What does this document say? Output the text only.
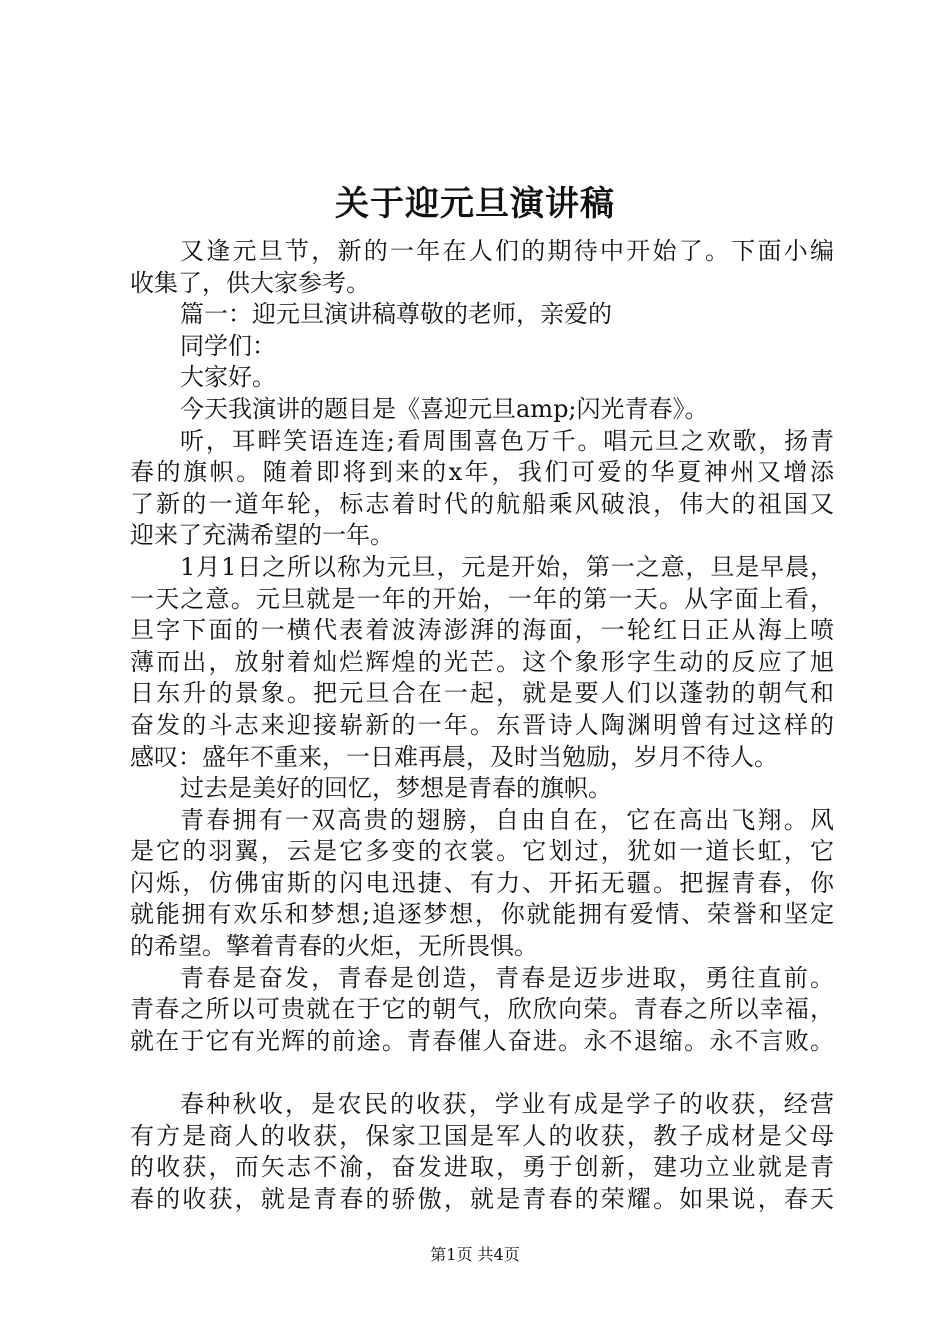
关于迎元旦演讲稿
又逢元旦节，新的一年在人们的期待中开始了。下面小编
收集了，供大家参考。
篇一：迎元旦演讲稿尊敬的老师，亲爱的
同学们：
大家好。
今天我演讲的题目是《喜迎元旦amp;闪光青春》。
听，耳畔笑语连连;看周围喜色万千。唱元旦之欢歌，扬青
春的旗帜。随着即将到来的x年，我们可爱的华夏神州又增添
了新的一道年轮，标志着时代的航船乘风破浪，伟大的祖国又
迎来了充满希望的一年。
1月1日之所以称为元旦，元是开始，第一之意，旦是早晨，
一天之意。元旦就是一年的开始，一年的第一天。从字面上看，
旦字下面的一横代表着波涛澎湃的海面，一轮红日正从海上喷
薄而出，放射着灿烂辉煌的光芒。这个象形字生动的反应了旭
日东升的景象。把元旦合在一起，就是要人们以蓬勃的朝气和
奋发的斗志来迎接崭新的一年。东晋诗人陶渊明曾有过这样的
感叹：盛年不重来，一日难再晨，及时当勉励，岁月不待人。
过去是美好的回忆，梦想是青春的旗帜。
青春拥有一双高贵的翅膀，自由自在，它在高出飞翔。风
是它的羽翼，云是它多变的衣裳。它划过，犹如一道长虹，它
闪烁，仿佛宙斯的闪电迅捷、有力、开拓无疆。把握青春，你
就能拥有欢乐和梦想;追逐梦想，你就能拥有爱情、荣誉和坚定
的希望。擎着青春的火炬，无所畏惧。
青春是奋发，青春是创造，青春是迈步进取，勇往直前。
青春之所以可贵就在于它的朝气，欣欣向荣。青春之所以幸福，
就在于它有光辉的前途。青春催人奋进。永不退缩。永不言败。
春种秋收，是农民的收获，学业有成是学子的收获，经营
有方是商人的收获，保家卫国是军人的收获，教子成材是父母
的收获，而矢志不渝，奋发进取，勇于创新，建功立业就是青
春的收获，就是青春的骄傲，就是青春的荣耀。如果说，春天
第1页 共4页
